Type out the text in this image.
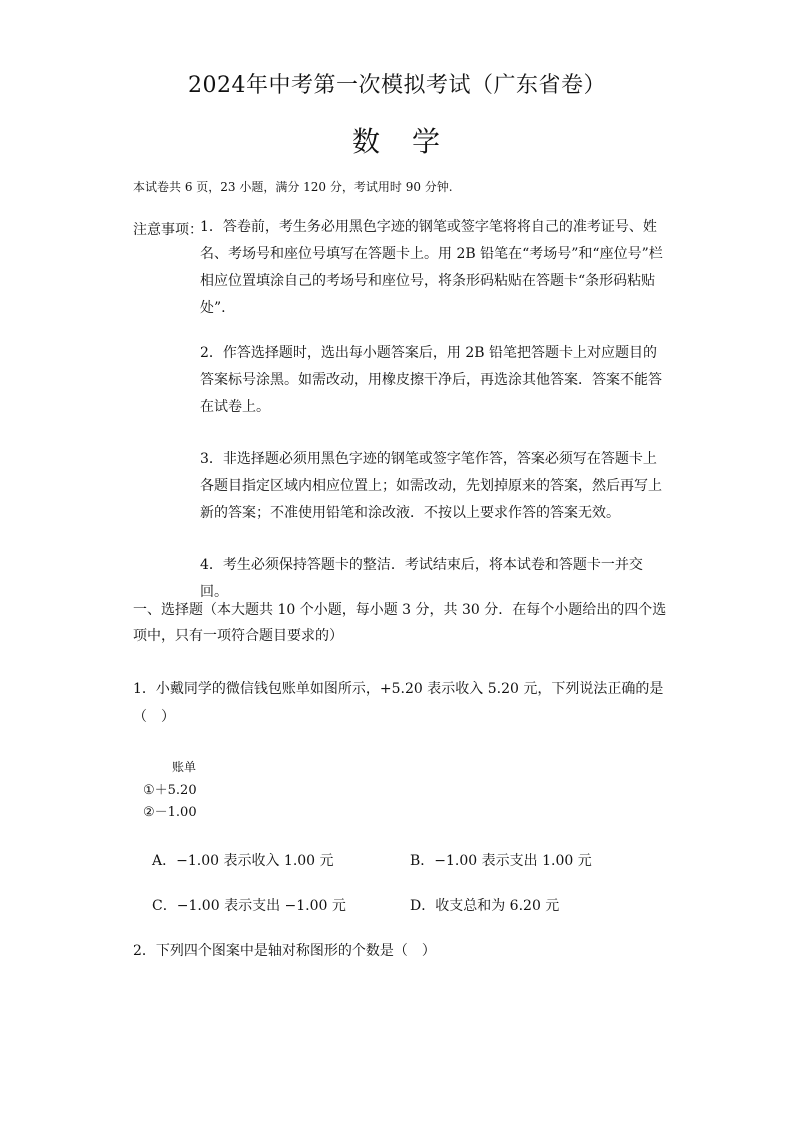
2024年中考第一次模拟考试（广东省卷）
数　学
本试卷共 6 页，23 小题，满分 120 分，考试用时 90 分钟.
注意事项：
1．答卷前，考生务必用黑色字迹的钢笔或签字笔将将自己的准考证号、姓名、考场号和座位号填写在答题卡上。用 2B 铅笔在“考场号”和“座位号”栏相应位置填涂自己的考场号和座位号，将条形码粘贴在答题卡“条形码粘贴处”.
2．作答选择题时，选出每小题答案后，用 2B 铅笔把答题卡上对应题目的答案标号涂黑。如需改动，用橡皮擦干净后，再选涂其他答案．答案不能答在试卷上。
3．非选择题必须用黑色字迹的钢笔或签字笔作答，答案必须写在答题卡上各题目指定区域内相应位置上；如需改动，先划掉原来的答案，然后再写上新的答案；不准使用铅笔和涂改液．不按以上要求作答的答案无效。
4．考生必须保持答题卡的整洁．考试结束后，将本试卷和答题卡一并交回。
一、选择题（本大题共 10 个小题，每小题 3 分，共 30 分．在每个小题给出的四个选项中，只有一项符合题目要求的）
1．小戴同学的微信钱包账单如图所示，+5.20 表示收入 5.20 元，下列说法正确的是
（　）
账单
①＋5.20
②－1.00
A．−1.00 表示收入 1.00 元	B．−1.00 表示支出 1.00 元
C．−1.00 表示支出 −1.00 元	D．收支总和为 6.20 元
2．下列四个图案中是轴对称图形的个数是（　）
